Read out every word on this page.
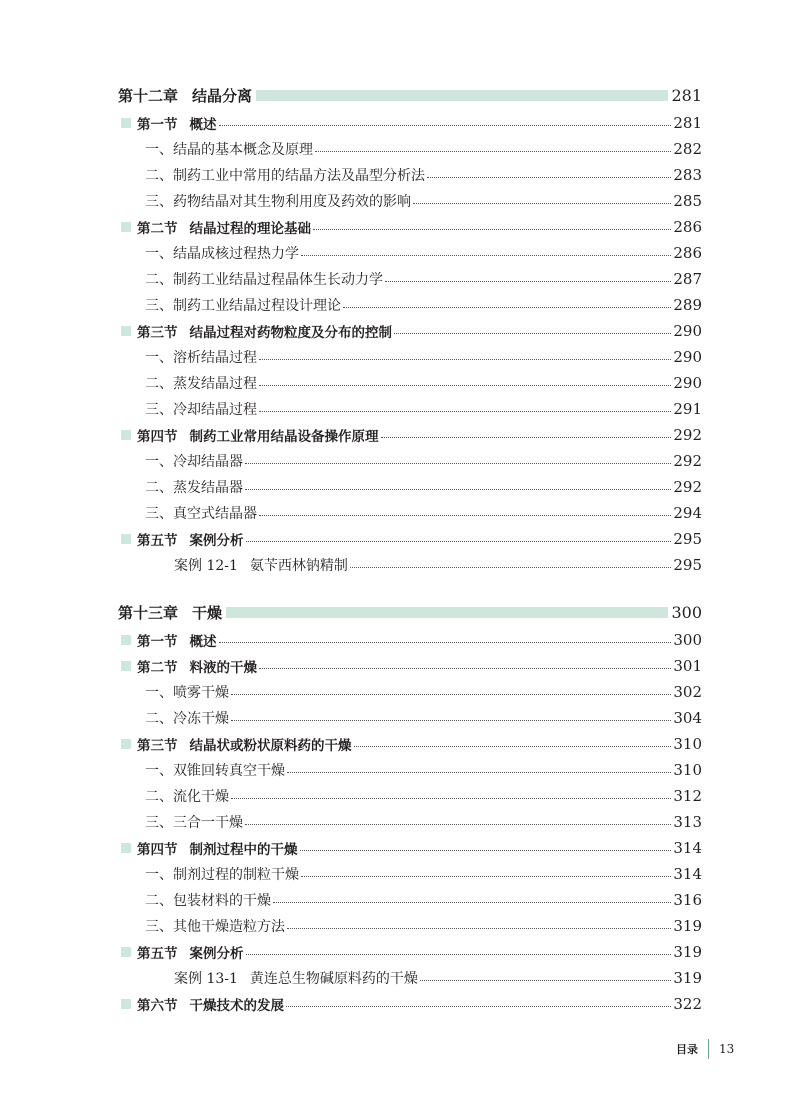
第十二章 结晶分离	281
第一节 概述	281
一、结晶的基本概念及原理	282
二、制药工业中常用的结晶方法及晶型分析法	283
三、药物结晶对其生物利用度及药效的影响	285
第二节 结晶过程的理论基础	286
一、结晶成核过程热力学	286
二、制药工业结晶过程晶体生长动力学	287
三、制药工业结晶过程设计理论	289
第三节 结晶过程对药物粒度及分布的控制	290
一、溶析结晶过程	290
二、蒸发结晶过程	290
三、冷却结晶过程	291
第四节 制药工业常用结晶设备操作原理	292
一、冷却结晶器	292
二、蒸发结晶器	292
三、真空式结晶器	294
第五节 案例分析	295
案例 12-1 氨苄西林钠精制	295
第十三章 干燥	300
第一节 概述	300
第二节 料液的干燥	301
一、喷雾干燥	302
二、冷冻干燥	304
第三节 结晶状或粉状原料药的干燥	310
一、双锥回转真空干燥	310
二、流化干燥	312
三、三合一干燥	313
第四节 制剂过程中的干燥	314
一、制剂过程的制粒干燥	314
二、包装材料的干燥	316
三、其他干燥造粒方法	319
第五节 案例分析	319
案例 13-1 黄连总生物碱原料药的干燥	319
第六节 干燥技术的发展	322
目录 13
